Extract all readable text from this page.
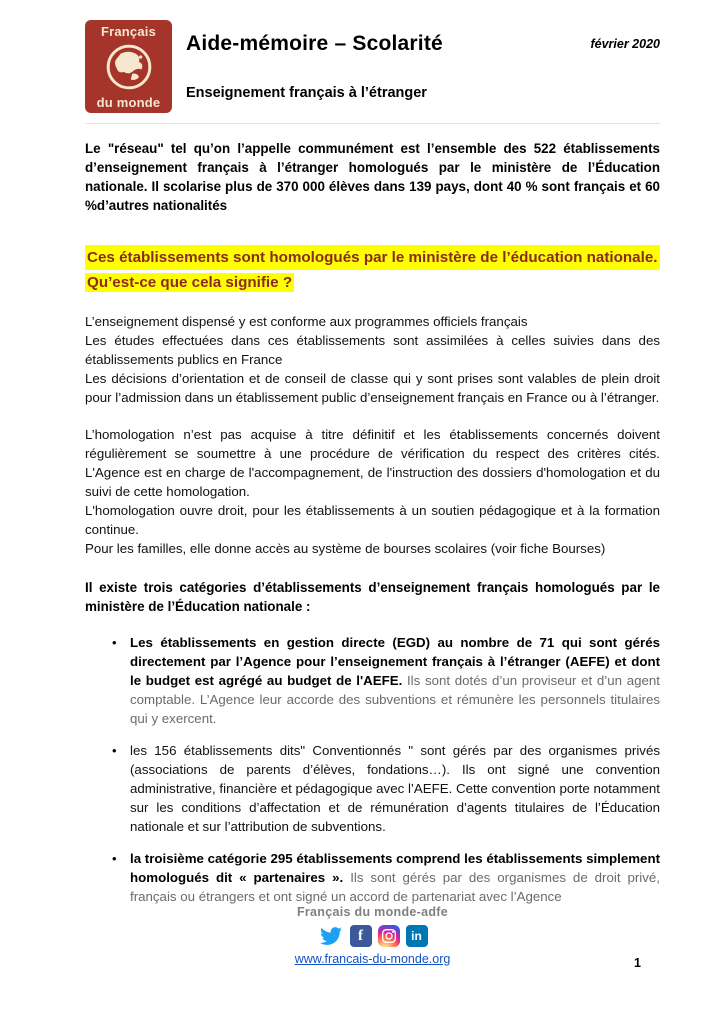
Français
du monde
Aide-mémoire – Scolarité
Enseignement français à l’étranger
février 2020

Le "réseau" tel qu’on l’appelle communément est l’ensemble des 522 établissements d’enseignement français à l’étranger homologués par le ministère de l’Éducation nationale. Il scolarise plus de 370 000 élèves dans 139 pays, dont 40 % sont français et 60 %d’autres nationalités

Ces établissements sont homologués par le ministère de l’éducation nationale.
Qu’est-ce que cela signifie ?
L’enseignement dispensé y est conforme aux programmes officiels français
Les études effectuées dans ces établissements sont assimilées à celles suivies dans des établissements publics en France
Les décisions d’orientation et de conseil de classe qui y sont prises sont valables de plein droit pour l’admission dans un établissement public d’enseignement français en France ou à l’étranger.
L’homologation n’est pas acquise à titre définitif et les établissements concernés doivent régulièrement se soumettre à une procédure de vérification du respect des critères cités. L'Agence est en charge de l'accompagnement, de l'instruction des dossiers d'homologation et du suivi de cette homologation.
L'homologation ouvre droit, pour les établissements à un soutien pédagogique et à la formation continue.
Pour les familles, elle donne accès au système de bourses scolaires (voir fiche Bourses)
Il existe trois catégories d’établissements d’enseignement français homologués par le ministère de l’Éducation nationale :
• Les établissements en gestion directe (EGD) au nombre de 71 qui sont gérés directement par l’Agence pour l’enseignement français à l’étranger (AEFE) et dont le budget est agrégé au budget de l'AEFE. Ils sont dotés d’un proviseur et d’un agent comptable. L’Agence leur accorde des subventions et rémunère les personnels titulaires qui y exercent.
• les 156 établissements dits" Conventionnés " sont gérés par des organismes privés (associations de parents d’élèves, fondations…). Ils ont signé une convention administrative, financière et pédagogique avec l’AEFE. Cette convention porte notamment sur les conditions d’affectation et de rémunération d’agents titulaires de l’Éducation nationale et sur l’attribution de subventions.
• la troisième catégorie 295 établissements comprend les établissements simplement homologués dit « partenaires ». Ils sont gérés par des organismes de droit privé, français ou étrangers et ont signé un accord de partenariat avec l’Agence
Français du monde-adfe
f	in
www.francais-du-monde.org	1
